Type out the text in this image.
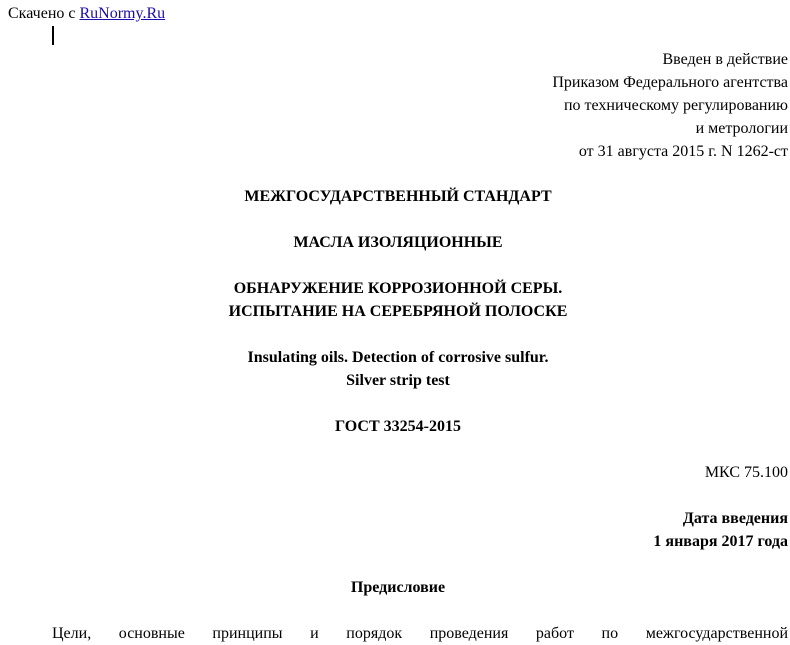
Скачено с RuNormy.Ru
Введен в действие
Приказом Федерального агентства
по техническому регулированию
и метрологии
от 31 августа 2015 г. N 1262-ст
МЕЖГОСУДАРСТВЕННЫЙ СТАНДАРТ
МАСЛА ИЗОЛЯЦИОННЫЕ
ОБНАРУЖЕНИЕ КОРРОЗИОННОЙ СЕРЫ.
ИСПЫТАНИЕ НА СЕРЕБРЯНОЙ ПОЛОСКЕ
Insulating oils. Detection of corrosive sulfur.
Silver strip test
ГОСТ 33254-2015
МКС 75.100
Дата введения
1 января 2017 года
Предисловие
Цели, основные принципы и порядок проведения работ по межгосударственной
